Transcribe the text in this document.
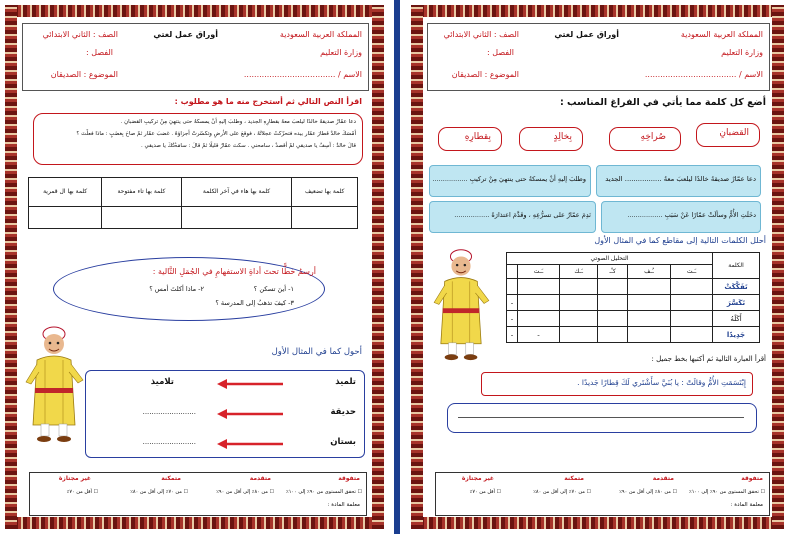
المملكة العربية السعودية
أوراق عمل لغتي
الصف : الثاني الابتدائي
وزارة التعليم
الفصل :
الاسم / ....................................
الموضوع : الصديقان
اقرأ النص التالي ثم أستخرج منه ما هو مطلوب :
دعا عمّارٌ صديقهُ خالدًا ليلعبَ معهُ بقطارِهِ الجديد ، وطلبَ إليهِ أنْ يمسكهُ حتى ينتهيَ مِنْ تركيبِ القضبانِ .
أمْسَكَ خالدٌ قطارَ عمّار بيده فتحرّكتْ عجلاتُهُ ، فوقعَ على الأرضِ وتكسّرتْ أجزاؤهُ . غضبَ عمّار ثمّ صاحَ بِغضَبٍ : ماذا فعلْتَ ؟
قالَ خالدٌ : آسِفٌ يا صديقي لمْ أقصدْ ، سامحني . سكتَ عمّارٌ قليلًا ثمّ قالَ : سامَحْتُكَ يا صديقي .
كلمة بها ال قمرية	كلمة بها تاء مفتوحة	كلمة بها هاء في آخر الكلمة	كلمة بها تضعيف

أرسمُ خطًّا تحتَ أداةِ الاستفهامِ في الجُمَلِ التَّالية :
١- أينَ تسكن ؟
٢- ماذا أكلتَ أمس ؟
٣- كيفَ تذهبُ إلى المدرسة ؟
أحول كما في المثال الأول
تلميذ
تلاميذ
حديقة
........................
بستان
........................
متفوقة
متقدمة
متمكنة
غير مجتازة
☐ تحقق المستوى من ٩٠٪ إلى ١٠٠٪
☐ من ٨٠٪ إلى أقل من ٩٠٪
☐ من ٧٠٪ إلى أقل من ٨٠٪
☐ أقل من ٧٠٪
معلمة المادة :
المملكة العربية السعودية
أوراق عمل لغتي
الصف : الثاني الابتدائي
وزارة التعليم
الفصل :
الاسم / ....................................
الموضوع : الصديقان
أضع كل كلمة مما يأتي في الفراغ المناسب :
القضبانِ
صُراخِهِ
بِخالِدٍ
بِقطارِهِ
دعا عمّارٌ صديقهُ خالدًا ليلعبَ معهُ ................. الجديد
وطلبَ إليهِ أنْ يمسكهُ حتى ينتهيَ مِنْ تركيبِ .................
دخَلَتِ الأُمُّ وسألَتْ عمّارًا عَنْ سَبَبِ .................
نَدِمَ عمّارٌ على تسرُّعِهِ ، وقَدَّمَ اعتذارَهُ .................
أحلل الكلمات التالية إلى مقاطع كما في المثال الأول
التحليل الصوتي						الكلمة
	ـَـت	ـَـك	كـْـ	ـُـف	ـَـت	
						تَفَكَّكَتْ
ـ						تَكَسَّرَ
ـ						أَكَلَهُ
ـ	ـ					جَدِيدًا
أقرأ العبارة التالية ثم أكتبها بخط جميل :
إِبْتَسَمَتِ الأُمُّ وقالَتْ : يا بُنَيَّ سأَشْتَري لَكَ قِطارًا جَديدًا .
متفوقة
متقدمة
متمكنة
غير مجتازة
☐ تحقق المستوى من ٩٠٪ إلى ١٠٠٪
☐ من ٨٠٪ إلى أقل من ٩٠٪
☐ من ٧٠٪ إلى أقل من ٨٠٪
☐ أقل من ٧٠٪
معلمة المادة :
